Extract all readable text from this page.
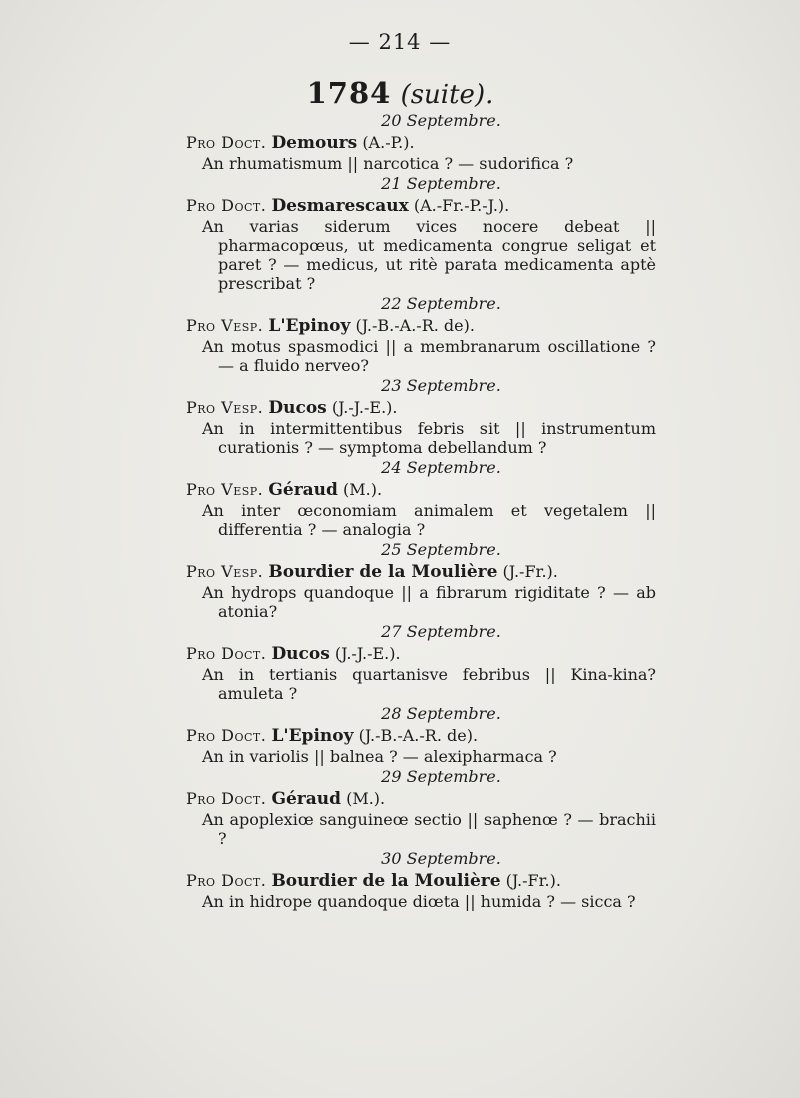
— 214 —
1784 (suite).

20 Septembre.

Pro Doct. Demours (A.-P.).

An rhumatismum || narcotica ? — sudorifica ?

21 Septembre.

Pro Doct. Desmarescaux (A.-Fr.-P.-J.).

An varias siderum vices nocere debeat || pharmacopœus, ut medicamenta congrue seligat et paret ? — medicus, ut ritè parata medicamenta aptè prescribat ?

22 Septembre.

Pro Vesp. L'Epinoy (J.-B.-A.-R. de).

An motus spasmodici || a membranarum oscillatione ? — a fluido nerveo?

23 Septembre.

Pro Vesp. Ducos (J.-J.-E.).

An in intermittentibus febris sit || instrumentum curationis ? — symptoma debellandum ?

24 Septembre.

Pro Vesp. Géraud (M.).

An inter œconomiam animalem et vegetalem || differentia ? — analogia ?

25 Septembre.

Pro Vesp. Bourdier de la Moulière (J.-Fr.).

An hydrops quandoque || a fibrarum rigiditate ? — ab atonia?

27 Septembre.

Pro Doct. Ducos (J.-J.-E.).

An in tertianis quartanisve febribus || Kina-kina? amuleta ?

28 Septembre.

Pro Doct. L'Epinoy (J.-B.-A.-R. de).

An in variolis || balnea ? — alexipharmaca ?

29 Septembre.

Pro Doct. Géraud (M.).

An apoplexiœ sanguineœ sectio || saphenœ ? — brachii ?

30 Septembre.

Pro Doct. Bourdier de la Moulière (J.-Fr.).

An in hidrope quandoque diœta || humida ? — sicca ?
